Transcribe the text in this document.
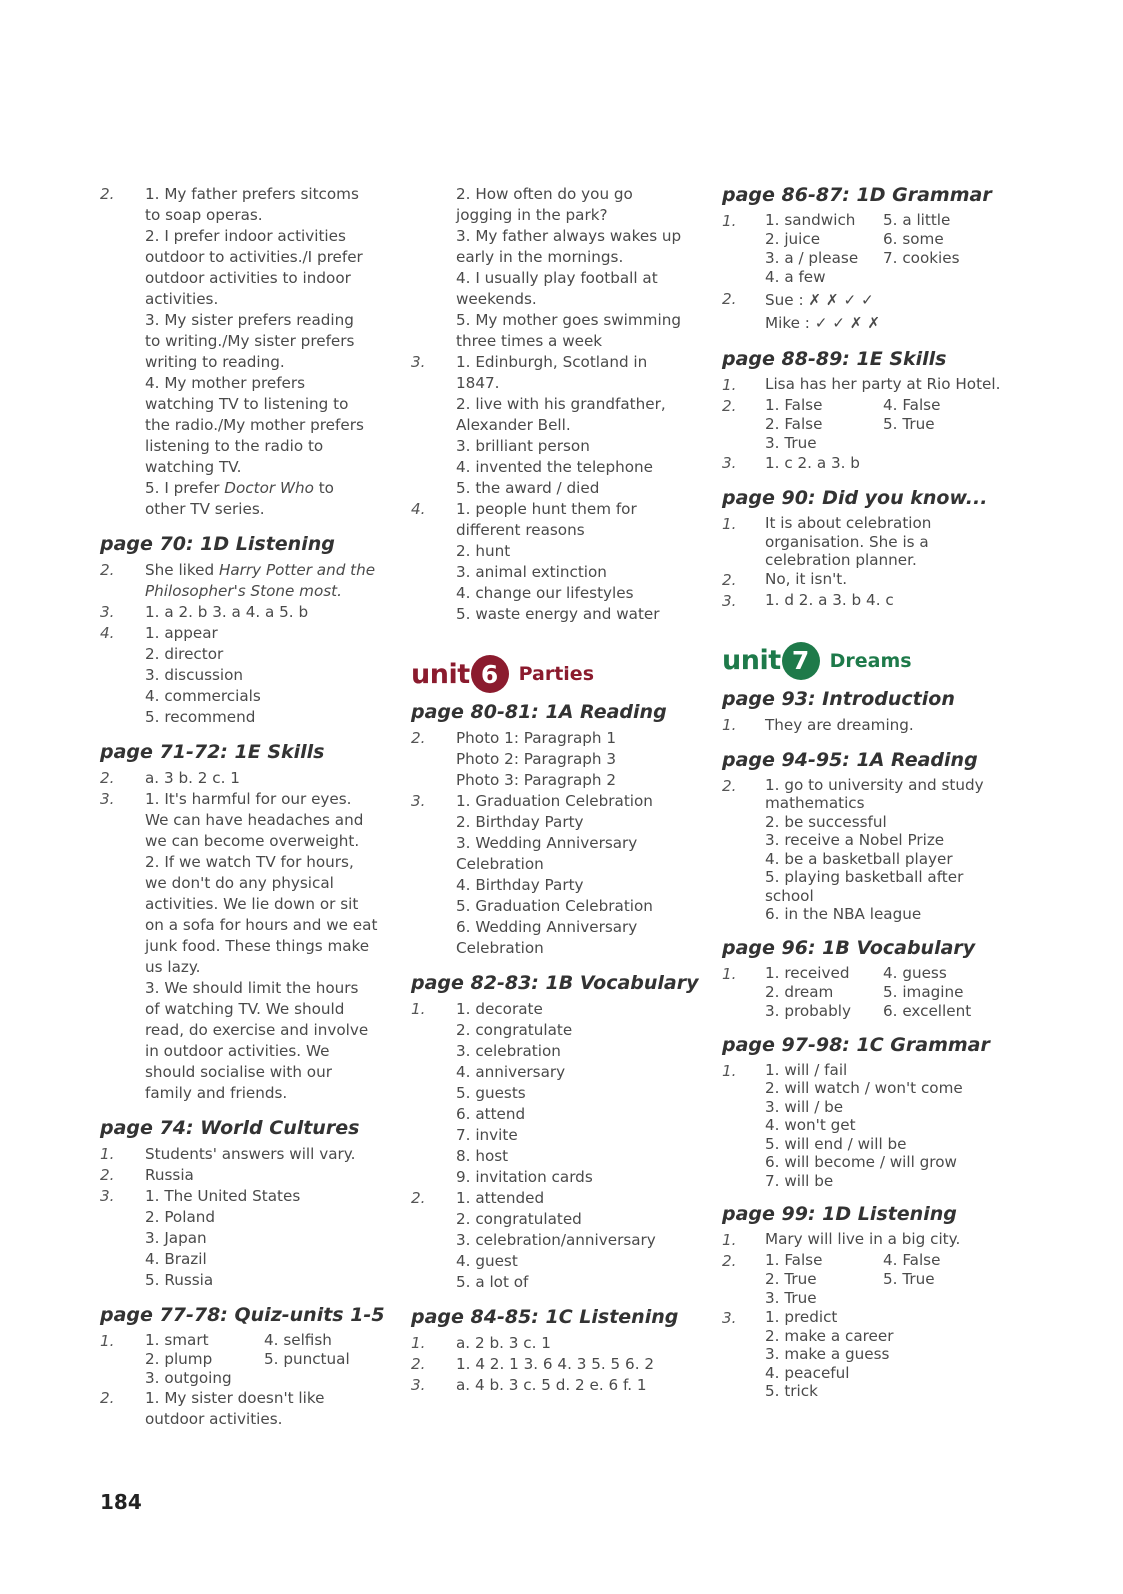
2.	1. My father prefers sitcoms
to soap operas.
2. I prefer indoor activities
outdoor to activities./I prefer
outdoor activities to indoor
activities.
3. My sister prefers reading
to writing./My sister prefers
writing to reading.
4. My mother prefers
watching TV to listening to
the radio./My mother prefers
listening to the radio to
watching TV.
5. I prefer Doctor Who to
other TV series.
page 70: 1D Listening
2.	She liked Harry Potter and the
Philosopher's Stone most.
3.	1. a 2. b 3. a 4. a 5. b
4.	1. appear
2. director
3. discussion
4. commercials
5. recommend
page 71-72: 1E Skills
2.	a. 3 b. 2 c. 1
3.	1. It's harmful for our eyes.
We can have headaches and
we can become overweight.
2. If we watch TV for hours,
we don't do any physical
activities. We lie down or sit
on a sofa for hours and we eat
junk food. These things make
us lazy.
3. We should limit the hours
of watching TV. We should
read, do exercise and involve
in outdoor activities. We
should socialise with our
family and friends.
page 74: World Cultures
1.	Students' answers will vary.
2.	Russia
3.	1. The United States
2. Poland
3. Japan
4. Brazil
5. Russia
page 77-78: Quiz-units 1-5
1.	1. smart	4. selfish
2. plump	5. punctual
3. outgoing
2.	1. My sister doesn't like
outdoor activities.
2. How often do you go
jogging in the park?
3. My father always wakes up
early in the mornings.
4. I usually play football at
weekends.
5. My mother goes swimming
three times a week
3.	1. Edinburgh, Scotland in
1847.
2. live with his grandfather,
Alexander Bell.
3. brilliant person
4. invented the telephone
5. the award / died
4.	1. people hunt them for
different reasons
2. hunt
3. animal extinction
4. change our lifestyles
5. waste energy and water
unit 6	Parties
page 80-81: 1A Reading
2.	Photo 1: Paragraph 1
Photo 2: Paragraph 3
Photo 3: Paragraph 2
3.	1. Graduation Celebration
2. Birthday Party
3. Wedding Anniversary
Celebration
4. Birthday Party
5. Graduation Celebration
6. Wedding Anniversary
Celebration
page 82-83: 1B Vocabulary
1.	1. decorate
2. congratulate
3. celebration
4. anniversary
5. guests
6. attend
7. invite
8. host
9. invitation cards
2.	1. attended
2. congratulated
3. celebration/anniversary
4. guest
5. a lot of
page 84-85: 1C Listening
1.	a. 2 b. 3 c. 1
2.	1. 4 2. 1 3. 6 4. 3 5. 5 6. 2
3.	a. 4 b. 3 c. 5 d. 2 e. 6 f. 1
page 86-87: 1D Grammar
1.	1. sandwich	5. a little
2. juice	6. some
3. a / please	7. cookies
4. a few
2.	Sue : ✗ ✗ ✓ ✓
Mike : ✓ ✓ ✗ ✗
page 88-89: 1E Skills
1.	Lisa has her party at Rio Hotel.
2.	1. False	4. False
2. False	5. True
3. True
3.	1. c 2. a 3. b
page 90: Did you know...
1.	It is about celebration
organisation. She is a
celebration planner.
2.	No, it isn't.
3.	1. d 2. a 3. b 4. c
unit 7	Dreams
page 93: Introduction
1.	They are dreaming.
page 94-95: 1A Reading
2.	1. go to university and study
mathematics
2. be successful
3. receive a Nobel Prize
4. be a basketball player
5. playing basketball after
school
6. in the NBA league
page 96: 1B Vocabulary
1.	1. received	4. guess
2. dream	5. imagine
3. probably	6. excellent
page 97-98: 1C Grammar
1.	1. will / fail
2. will watch / won't come
3. will / be
4. won't get
5. will end / will be
6. will become / will grow
7. will be
page 99: 1D Listening
1.	Mary will live in a big city.
2.	1. False	4. False
2. True	5. True
3. True
3.	1. predict
2. make a career
3. make a guess
4. peaceful
5. trick
184
